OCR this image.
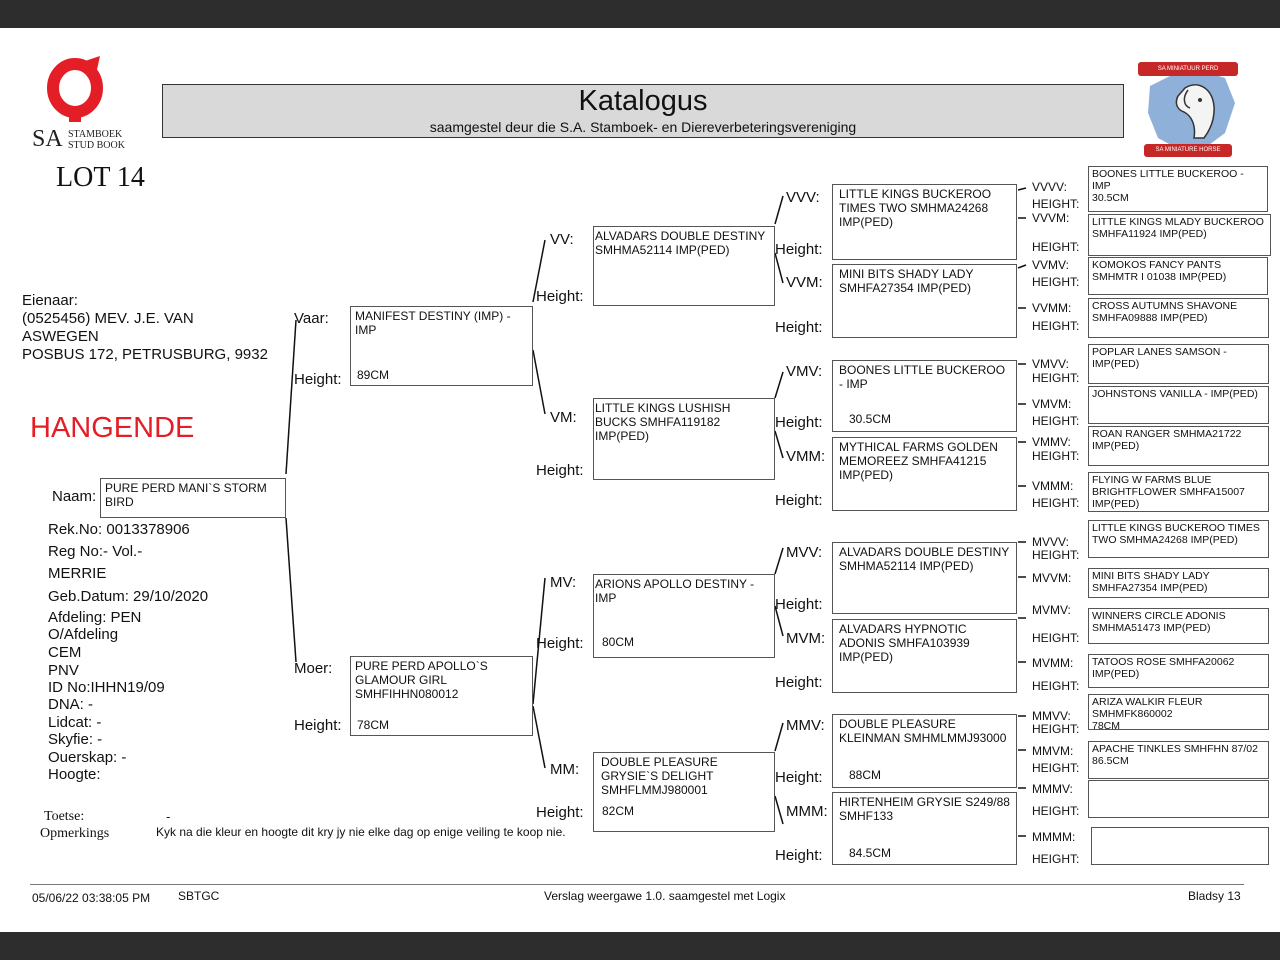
SA STAMBOEK
STUD BOOK
Katalogus
saamgestel deur die S.A. Stamboek- en Diereverbeteringsvereniging
SA MINIATUUR PERD
SA MINIATURE HORSE
LOT 14
Eienaar:
(0525456) MEV. J.E. VAN
ASWEGEN
POSBUS 172, PETRUSBURG, 9932
HANGENDE
Naam: PURE PERD MANI`S STORM BIRD
Rek.No: 0013378906
Reg No:- Vol.-
MERRIE
Geb.Datum: 29/10/2020
Afdeling: PEN
O/Afdeling
CEM
PNV
ID No:IHHN19/09
DNA: -
Lidcat: -
Skyfie: -
Ouerskap: -
Hoogte:
Toetse:	-
Opmerkings	Kyk na die kleur en hoogte dit kry jy nie elke dag op enige veiling te koop nie.
Vaar:
Height:
MANIFEST DESTINY (IMP) - IMP
89CM
Moer:
Height:
PURE PERD APOLLO`S GLAMOUR GIRL SMHFIHHN080012
78CM
VV:
Height:
ALVADARS DOUBLE DESTINY SMHMA52114 IMP(PED)
VM:
Height:
LITTLE KINGS LUSHISH BUCKS SMHFA119182 IMP(PED)
MV:
Height:
ARIONS APOLLO DESTINY - IMP
80CM
MM:
Height:
DOUBLE PLEASURE GRYSIE`S DELIGHT SMHFLMMJ980001
82CM
VVV:
Height:
LITTLE KINGS BUCKEROO TIMES TWO SMHMA24268 IMP(PED)
VVM:
Height:
MINI BITS SHADY LADY SMHFA27354 IMP(PED)
VMV:
Height:
BOONES LITTLE BUCKEROO - IMP
30.5CM
VMM:
Height:
MYTHICAL FARMS GOLDEN MEMOREEZ SMHFA41215 IMP(PED)
MVV:
Height:
ALVADARS DOUBLE DESTINY SMHMA52114 IMP(PED)
MVM:
Height:
ALVADARS HYPNOTIC ADONIS SMHFA103939 IMP(PED)
MMV:
Height:
DOUBLE PLEASURE KLEINMAN SMHMLMMJ93000
88CM
MMM:
Height:
HIRTENHEIM GRYSIE S249/88 SMHF133
84.5CM
VVVV:
HEIGHT:
BOONES LITTLE BUCKEROO - IMP
30.5CM
VVVM:
HEIGHT:
LITTLE KINGS MLADY BUCKEROO SMHFA11924 IMP(PED)
VVMV:
HEIGHT:
KOMOKOS FANCY PANTS SMHMTR I 01038 IMP(PED)
VVMM:
HEIGHT:
CROSS AUTUMNS SHAVONE SMHFA09888 IMP(PED)
VMVV:
HEIGHT:
POPLAR LANES SAMSON - IMP(PED)
VMVM:
HEIGHT:
JOHNSTONS VANILLA - IMP(PED)
VMMV:
HEIGHT:
ROAN RANGER SMHMA21722 IMP(PED)
VMMM:
HEIGHT:
FLYING W FARMS BLUE BRIGHTFLOWER SMHFA15007 IMP(PED)
MVVV:
HEIGHT:
LITTLE KINGS BUCKEROO TIMES TWO SMHMA24268 IMP(PED)
MVVM: MINI BITS SHADY LADY SMHFA27354 IMP(PED)
MVMV:
HEIGHT:
WINNERS CIRCLE ADONIS SMHMA51473 IMP(PED)
MVMM:
HEIGHT:
TATOOS ROSE SMHFA20062 IMP(PED)
MMVV:
HEIGHT:
ARIZA WALKIR FLEUR SMHMFK860002
78CM
MMVM:
HEIGHT:
APACHE TINKLES SMHFHN 87/02
86.5CM
MMMV:
HEIGHT:
MMMM:
HEIGHT:
05/06/22 03:38:05 PM SBTGC	Verslag weergawe 1.0. saamgestel met Logix	Bladsy 13
